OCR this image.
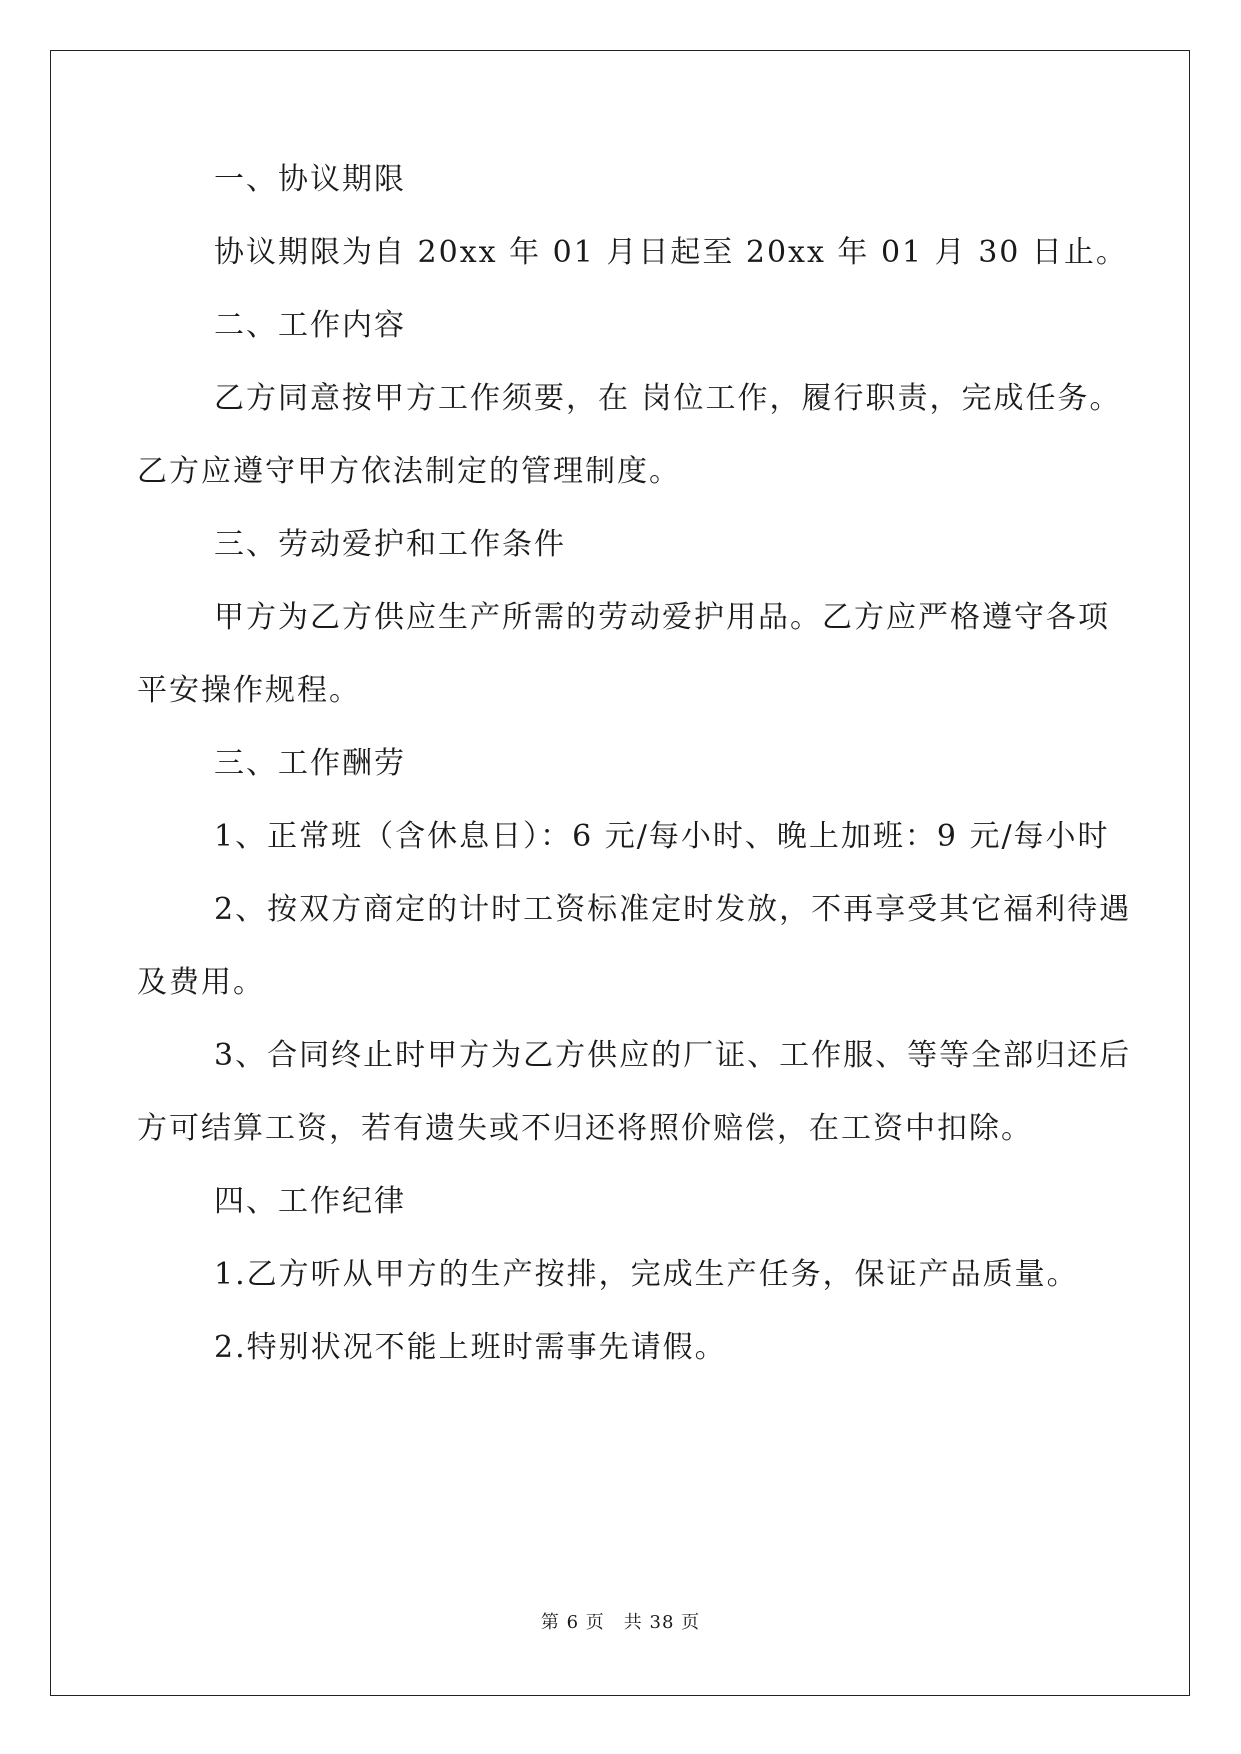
一、协议期限

协议期限为自 20xx 年 01 月日起至 20xx 年 01 月 30 日止。

二、工作内容

乙方同意按甲方工作须要，在 岗位工作，履行职责，完成任务。

乙方应遵守甲方依法制定的管理制度。

三、劳动爱护和工作条件

甲方为乙方供应生产所需的劳动爱护用品。乙方应严格遵守各项

平安操作规程。

三、工作酬劳

1、正常班（含休息日）：6 元/每小时、晚上加班：9 元/每小时

2、按双方商定的计时工资标准定时发放，不再享受其它福利待遇

及费用。

3、合同终止时甲方为乙方供应的厂证、工作服、等等全部归还后

方可结算工资，若有遗失或不归还将照价赔偿，在工资中扣除。

四、工作纪律

1.乙方听从甲方的生产按排，完成生产任务，保证产品质量。

2.特别状况不能上班时需事先请假。

第 6 页　共 38 页
